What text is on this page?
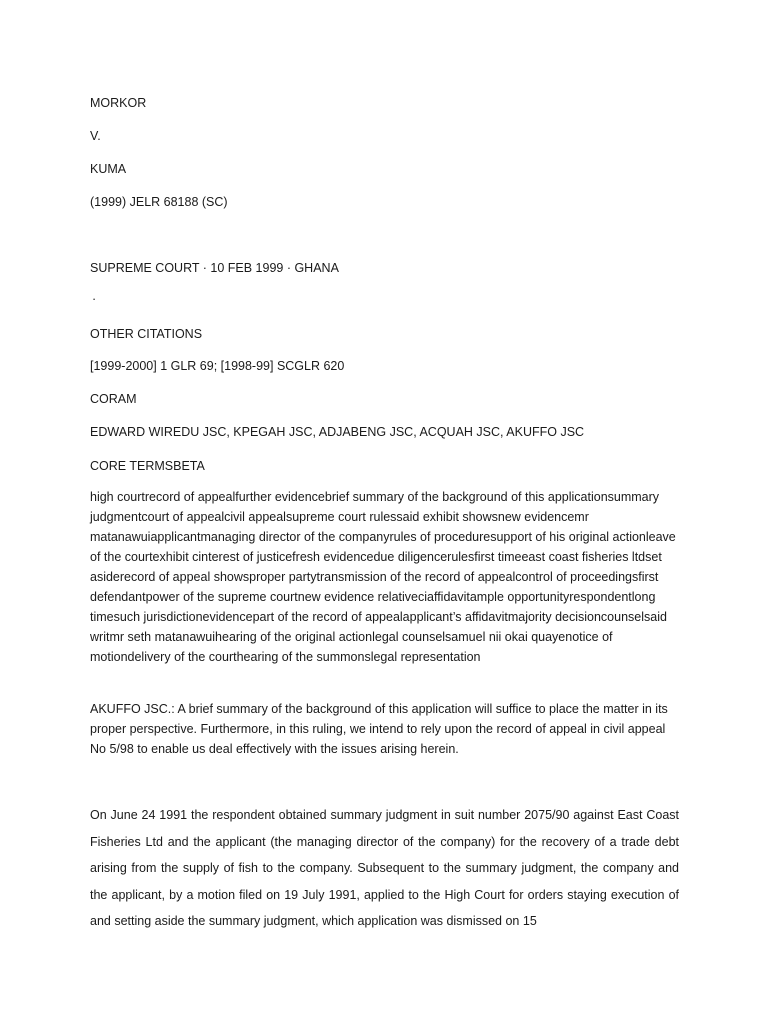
MORKOR
V.
KUMA
(1999) JELR 68188 (SC)
SUPREME COURT · 10 FEB 1999 · GHANA
·
OTHER CITATIONS
[1999-2000] 1 GLR 69; [1998-99] SCGLR 620
CORAM
EDWARD WIREDU JSC, KPEGAH JSC, ADJABENG JSC, ACQUAH JSC, AKUFFO JSC
CORE TERMSBETA
high courtrecord of appealfurther evidencebrief summary of the background of this applicationsummary judgmentcourt of appealcivil appealsupreme court rulessaid exhibit showsnew evidencemr matanawuiapplicantmanaging director of the companyrules of proceduresupport of his original actionleave of the courtexhibit cinterest of justicefresh evidencedue diligencerulesfirst timeeast coast fisheries ltdset asiderecord of appeal showsproper partytransmission of the record of appealcontrol of proceedingsfirst defendantpower of the supreme courtnew evidence relativeciaffidavitample opportunityrespondentlong timesuch jurisdictionevidencepart of the record of appealapplicant’s affidavitmajority decisioncounselsaid writmr seth matanawuihearing of the original actionlegal counselsamuel nii okai quayenotice of motiondelivery of the courthearing of the summonslegal representation
AKUFFO JSC.: A brief summary of the background of this application will suffice to place the matter in its proper perspective. Furthermore, in this ruling, we intend to rely upon the record of appeal in civil appeal No 5/98 to enable us deal effectively with the issues arising herein.
On June 24 1991 the respondent obtained summary judgment in suit number 2075/90 against East Coast Fisheries Ltd and the applicant (the managing director of the company) for the recovery of a trade debt arising from the supply of fish to the company. Subsequent to the summary judgment, the company and the applicant, by a motion filed on 19 July 1991, applied to the High Court for orders staying execution of and setting aside the summary judgment, which application was dismissed on 15
